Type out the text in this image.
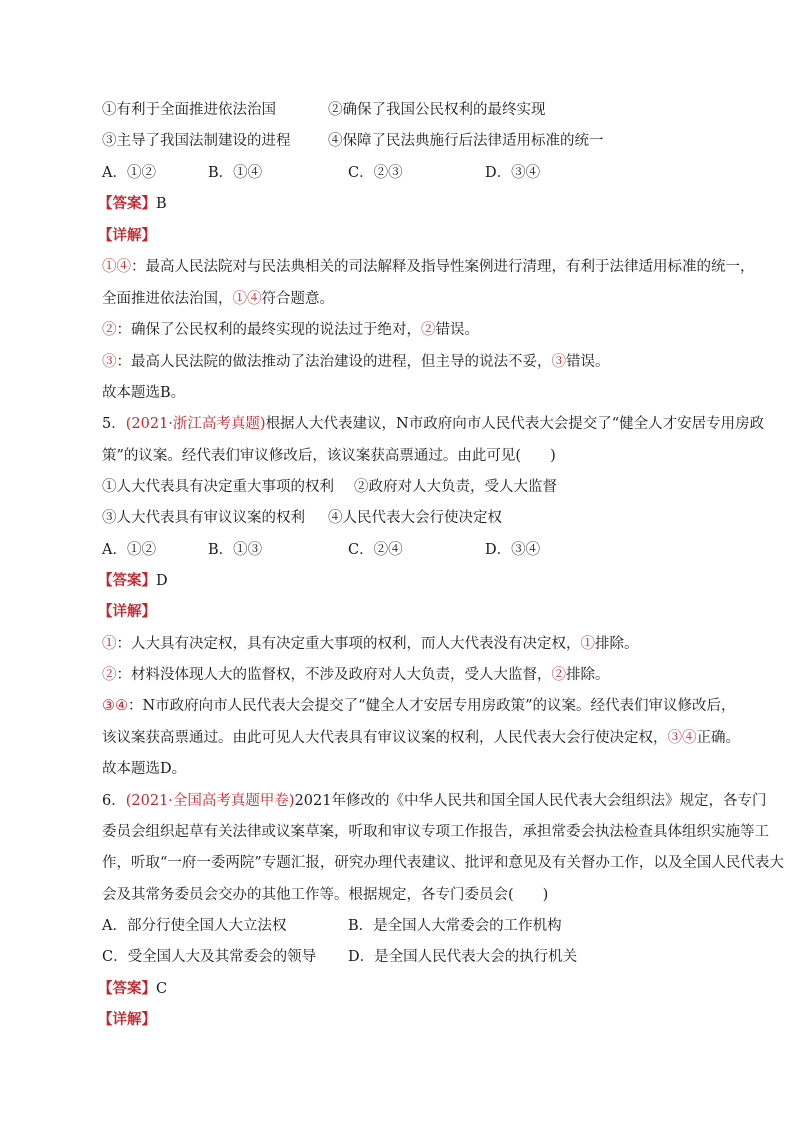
①有利于全面推进依法治国	②确保了我国公民权利的最终实现
③主导了我国法制建设的进程	④保障了民法典施行后法律适用标准的统一
A．①②	B．①④	C．②③	D．③④
【答案】B
【详解】
①④：最高人民法院对与民法典相关的司法解释及指导性案例进行清理，有利于法律适用标准的统一，
全面推进依法治国，①④符合题意。
②：确保了公民权利的最终实现的说法过于绝对，②错误。
③：最高人民法院的做法推动了法治建设的进程，但主导的说法不妥，③错误。
故本题选B。
5．(2021·浙江高考真题)根据人大代表建议，N市政府向市人民代表大会提交了“健全人才安居专用房政
策”的议案。经代表们审议修改后，该议案获高票通过。由此可见(　　)
①人大代表具有决定重大事项的权利 ②政府对人大负责，受人大监督
③人大代表具有审议议案的权利 ④人民代表大会行使决定权
A．①②	B．①③	C．②④	D．③④
【答案】D
【详解】
①：人大具有决定权，具有决定重大事项的权利，而人大代表没有决定权，①排除。
②：材料没体现人大的监督权，不涉及政府对人大负责，受人大监督，②排除。
③④：N市政府向市人民代表大会提交了“健全人才安居专用房政策”的议案。经代表们审议修改后，
该议案获高票通过。由此可见人大代表具有审议议案的权利，人民代表大会行使决定权，③④正确。
故本题选D。
6．(2021·全国高考真题甲卷)2021年修改的《中华人民共和国全国人民代表大会组织法》规定，各专门
委员会组织起草有关法律或议案草案，听取和审议专项工作报告，承担常委会执法检查具体组织实施等工
作，听取“一府一委两院”专题汇报，研究办理代表建议、批评和意见及有关督办工作，以及全国人民代表大
会及其常务委员会交办的其他工作等。根据规定，各专门委员会(　　)
A．部分行使全国人大立法权	B．是全国人大常委会的工作机构
C．受全国人大及其常委会的领导 D．是全国人民代表大会的执行机关
【答案】C
【详解】
